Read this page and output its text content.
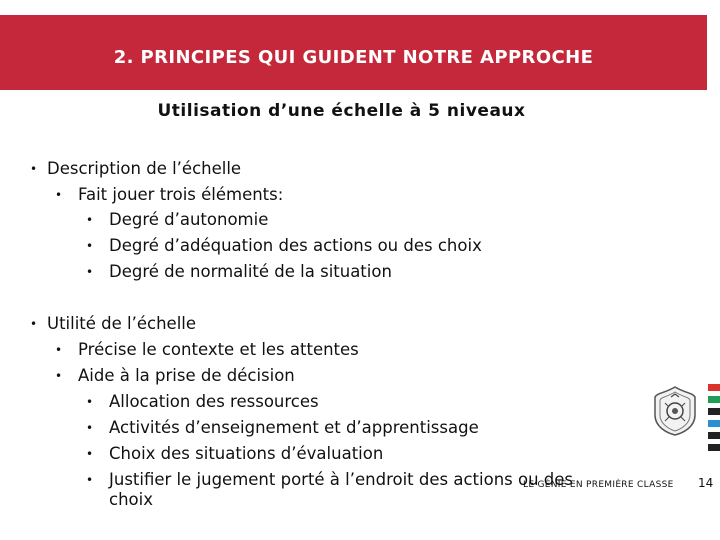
2. PRINCIPES QUI GUIDENT NOTRE APPROCHE
Utilisation d’une échelle à 5 niveaux
• Description de l’échelle
• Fait jouer trois éléments:
• Degré d’autonomie
• Degré d’adéquation des actions ou des choix
• Degré de normalité de la situation
• Utilité de l’échelle
• Précise le contexte et les attentes
• Aide à la prise de décision
• Allocation des ressources
• Activités d’enseignement et d’apprentissage
• Choix des situations d’évaluation
• Justifier le jugement porté à l’endroit des actions ou des
choix
LE GÉNIE EN PREMIÈRE CLASSE 14
